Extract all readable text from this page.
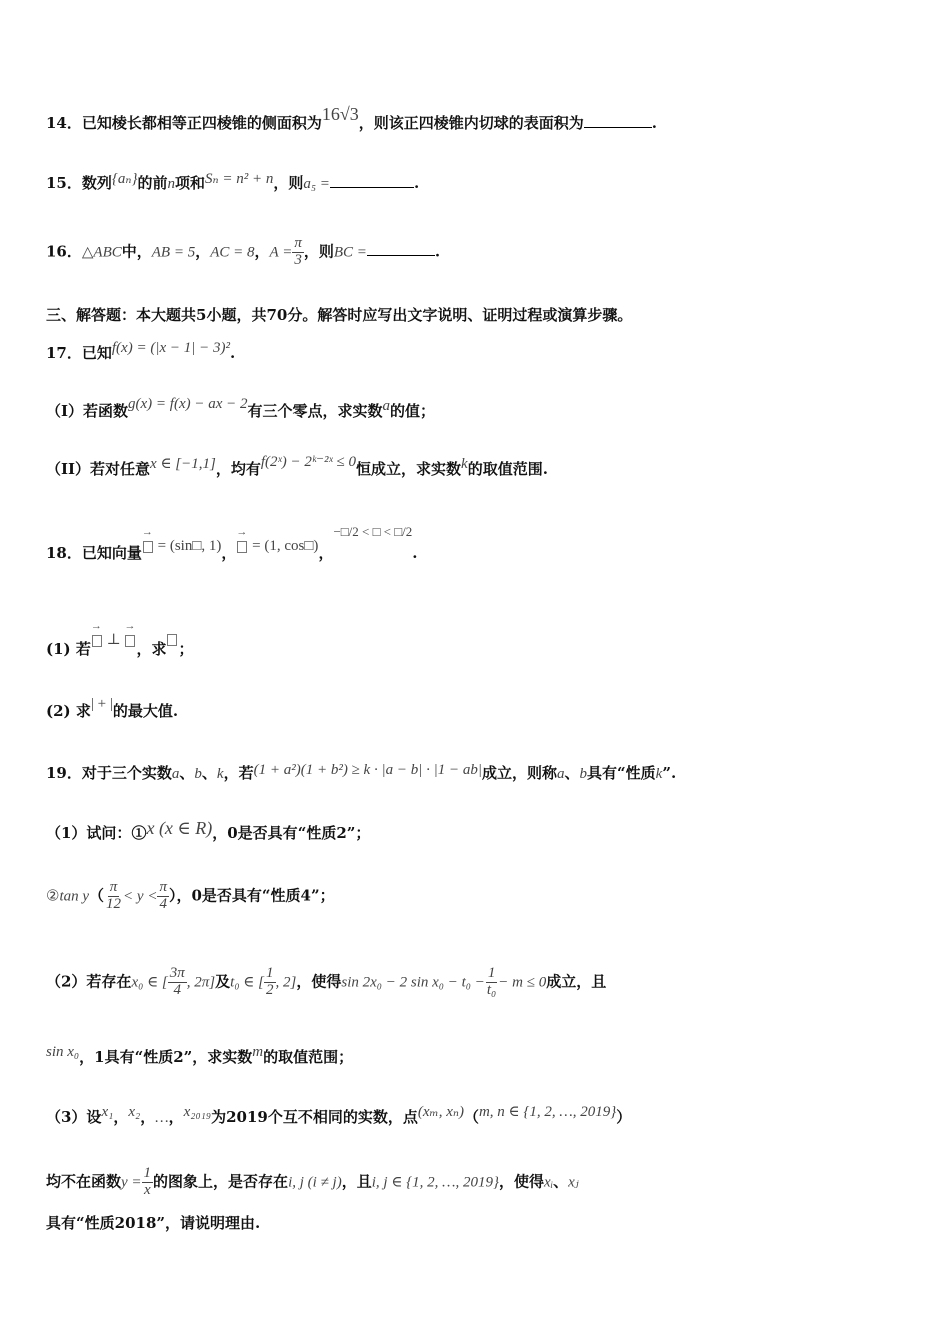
14．已知棱长都相等正四棱锥的侧面积为16√3，则该正四棱锥内切球的表面积为	.
15．数列{aₙ}的前n项和Sₙ = n² + n，则a₅ =	.
16．△ABC中，AB = 5，AC = 8，$A = \frac{\pi}{3}$ ，则BC =	.
三、解答题：本大题共5小题，共70分。解答时应写出文字说明、证明过程或演算步骤。
17．已知f(x) = (|x − 1| − 3)².
（I）若函数g(x) = f(x) − ax − 2有三个零点，求实数a的值；
（II）若对任意x ∈ [−1,1]，均有f(2ˣ) − 2ᵏ⁻²ˣ ≤ 0恒成立，求实数k的取值范围.
18．已知向量 → = (sin□, 1)， → = (1, cos□)，−□/2 < □ < □/2.
(1) 若 → ⊥ → ，求 ；
(2) 求| + |的最大值.
19．对于三个实数a、b、k，若(1 + a²)(1 + b²) ≥ k · |a − b| · |1 − ab|成立，则称a、b具有“性质k”.
（1）试问：①x (x ∈ R)，0是否具有“性质2”；
②tan $y( \frac{\pi}{12} < y < \frac{\pi}{4}$ ），0是否具有“性质4”；
（2）若存在x₀ ∈ [ $\frac{3\pi}{4}$ , 2π]及t₀ ∈ [ $\frac{1}{2}$ , 2]，使得sin 2x₀ − 2 $\sin x_0 - t_0 - \frac{1}{\text{t₀}} - m \le 0$成立，且
sin x₀，1具有“性质2”，求实数m的取值范围；
（3）设x₁，x₂，…，x₂₀₁₉为2019个互不相同的实数，点(xₘ, xₙ)（m, n ∈ {1, 2, …, 2019}）
均不在函数$y = \frac{1}{x}$ 的图象上，是否存在i, j (i ≠ j)，且i, j ∈ {1, 2, …, 2019}，使得xᵢ、xⱼ
具有“性质2018”，请说明理由.
